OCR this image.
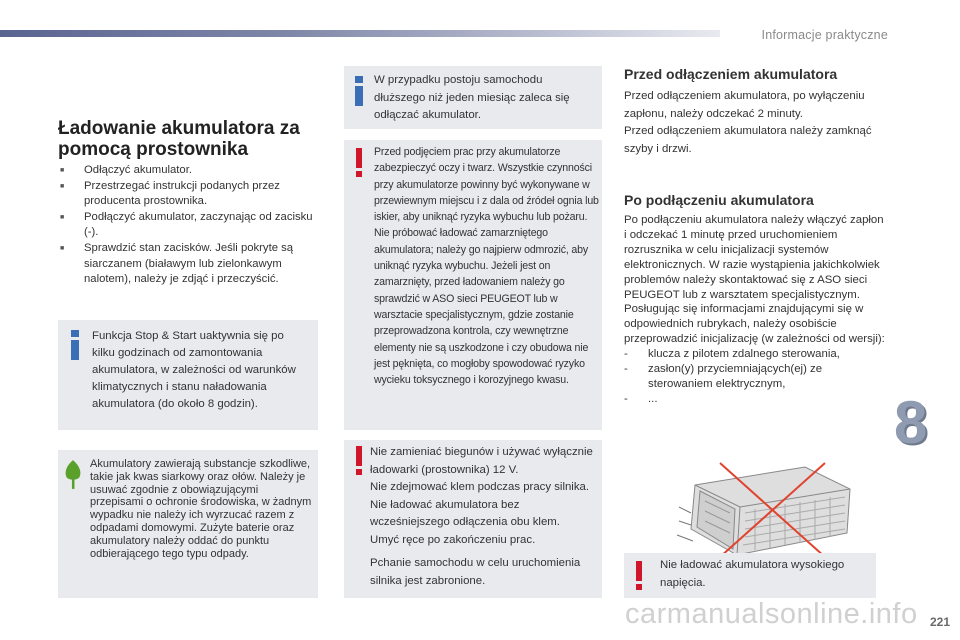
Informacje praktyczne
Ładowanie akumulatora za
pomocą prostownika
■ Odłączyć akumulator.
■ Przestrzegać instrukcji podanych przez producenta prostownika.
■ Podłączyć akumulator, zaczynając od zacisku (-).
■ Sprawdzić stan zacisków. Jeśli pokryte są siarczanem (białawym lub zielonkawym nalotem), należy je zdjąć i przeczyścić.
Funkcja Stop & Start uaktywnia się po kilku godzinach od zamontowania akumulatora, w zależności od warunków klimatycznych i stanu naładowania akumulatora (do około 8 godzin).
Akumulatory zawierają substancje szkodliwe, takie jak kwas siarkowy oraz ołów. Należy je usuwać zgodnie z obowiązującymi przepisami o ochronie środowiska, w żadnym wypadku nie należy ich wyrzucać razem z odpadami domowymi. Zużyte baterie oraz akumulatory należy oddać do punktu odbierającego tego typu odpady.
W przypadku postoju samochodu dłuższego niż jeden miesiąc zaleca się odłączać akumulator.
Przed podjęciem prac przy akumulatorze zabezpieczyć oczy i twarz. Wszystkie czynności przy akumulatorze powinny być wykonywane w przewiewnym miejscu i z dala od źródeł ognia lub iskier, aby uniknąć ryzyka wybuchu lub pożaru. Nie próbować ładować zamarzniętego akumulatora; należy go najpierw odmrozić, aby uniknąć ryzyka wybuchu. Jeżeli jest on zamarznięty, przed ładowaniem należy go sprawdzić w ASO sieci PEUGEOT lub w warsztacie specjalistycznym, gdzie zostanie przeprowadzona kontrola, czy wewnętrzne elementy nie są uszkodzone i czy obudowa nie jest pęknięta, co mogłoby spowodować ryzyko wycieku toksycznego i korozyjnego kwasu.

Nie zamieniać biegunów i używać wyłącznie ładowarki (prostownika) 12 V.

Nie zdejmować klem podczas pracy silnika.

Nie ładować akumulatora bez wcześniejszego odłączenia obu klem.

Umyć ręce po zakończeniu prac.

Pchanie samochodu w celu uruchomienia silnika jest zabronione.

Przed odłączeniem akumulatora

Przed odłączeniem akumulatora, po wyłączeniu zapłonu, należy odczekać 2 minuty.

Przed odłączeniem akumulatora należy zamknąć szyby i drzwi.

Po podłączeniu akumulatora

Po podłączeniu akumulatora należy włączyć zapłon i odczekać 1 minutę przed uruchomieniem rozrusznika w celu inicjalizacji systemów elektronicznych. W razie wystąpienia jakichkolwiek problemów należy skontaktować się z ASO sieci PEUGEOT lub z warsztatem specjalistycznym.

Posługując się informacjami znajdującymi się w odpowiednich rubrykach, należy osobiście przeprowadzić inicjalizację (w zależności od wersji):

- klucza z pilotem zdalnego sterowania,
- zasłon(y) przyciemniających(ej) ze sterowaniem elektrycznym,
- ...
Nie ładować akumulatora wysokiego napięcia.
8
carmanualsonline.info 221
